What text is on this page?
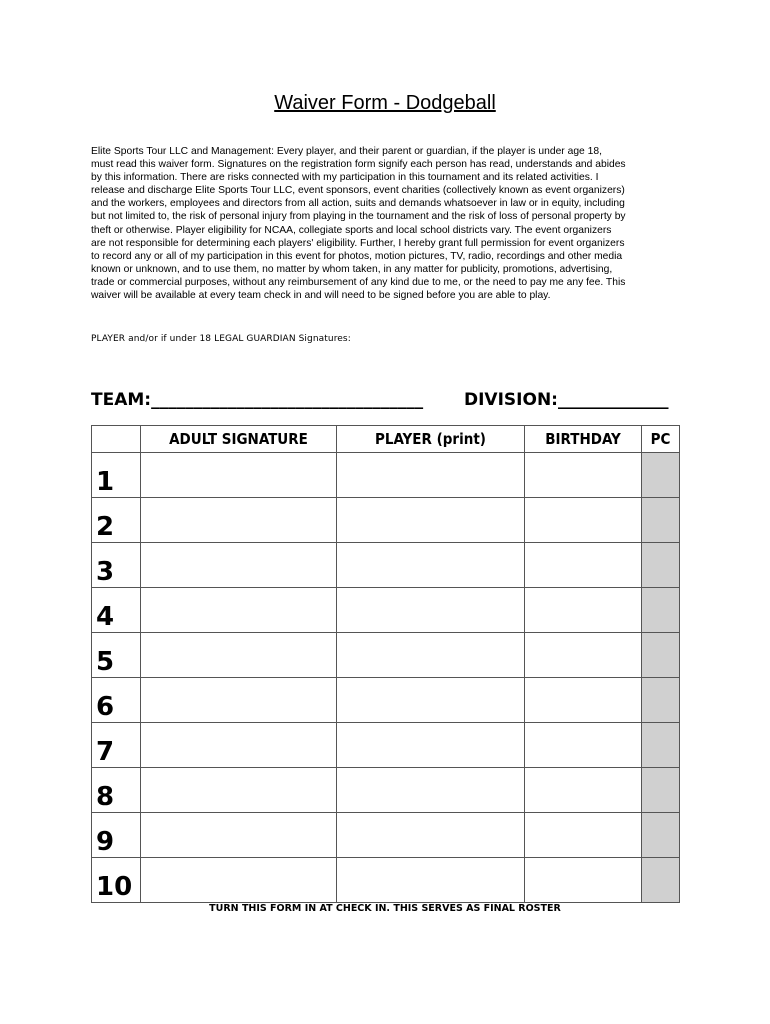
Waiver Form - Dodgeball
Elite Sports Tour LLC and Management: Every player, and their parent or guardian, if the player is under age 18,
must read this waiver form. Signatures on the registration form signify each person has read, understands and abides
by this information. There are risks connected with my participation in this tournament and its related activities. I
release and discharge Elite Sports Tour LLC, event sponsors, event charities (collectively known as event organizers)
and the workers, employees and directors from all action, suits and demands whatsoever in law or in equity, including
but not limited to, the risk of personal injury from playing in the tournament and the risk of loss of personal property by
theft or otherwise. Player eligibility for NCAA, collegiate sports and local school districts vary. The event organizers
are not responsible for determining each players' eligibility. Further, I hereby grant full permission for event organizers
to record any or all of my participation in this event for photos, motion pictures, TV, radio, recordings and other media
known or unknown, and to use them, no matter by whom taken, in any matter for publicity, promotions, advertising,
trade or commercial purposes, without any reimbursement of any kind due to me, or the need to pay me any fee. This
waiver will be available at every team check in and will need to be signed before you are able to play.
PLAYER and/or if under 18 LEGAL GUARDIAN Signatures:
TEAM:________________________________ DIVISION:_____________
	ADULT SIGNATURE	PLAYER (print)	BIRTHDAY	PC
1				
2				
3				
4				
5				
6				
7				
8				
9				
10				
TURN THIS FORM IN AT CHECK IN. THIS SERVES AS FINAL ROSTER
